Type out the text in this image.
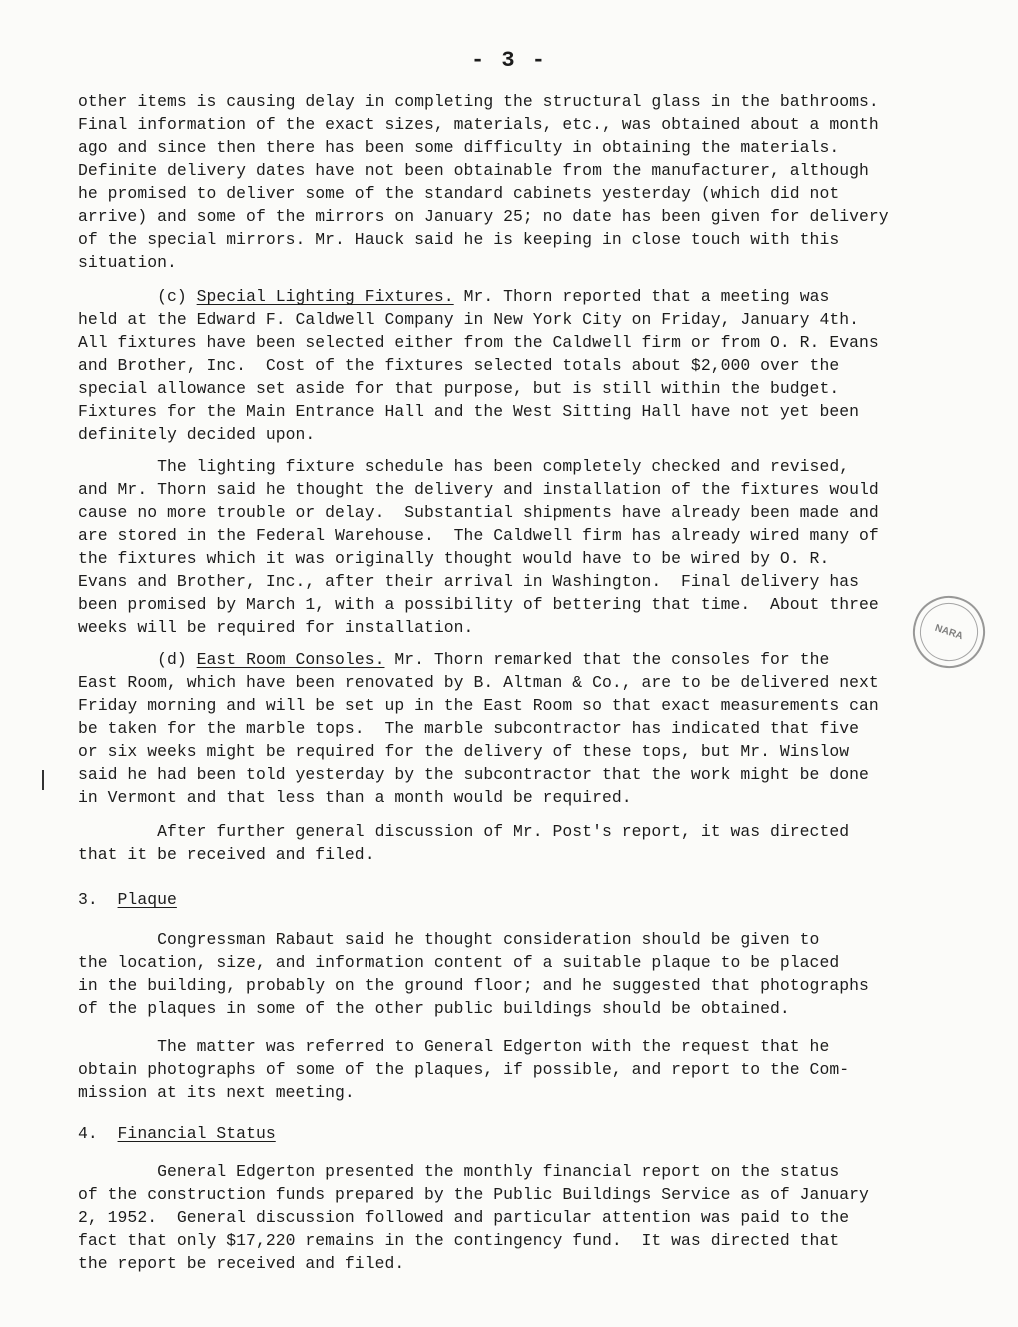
- 3 -
other items is causing delay in completing the structural glass in the bathrooms.
Final information of the exact sizes, materials, etc., was obtained about a month
ago and since then there has been some difficulty in obtaining the materials.
Definite delivery dates have not been obtainable from the manufacturer, although
he promised to deliver some of the standard cabinets yesterday (which did not
arrive) and some of the mirrors on January 25; no date has been given for delivery
of the special mirrors. Mr. Hauck said he is keeping in close touch with this
situation.
(c) Special Lighting Fixtures. Mr. Thorn reported that a meeting was
held at the Edward F. Caldwell Company in New York City on Friday, January 4th.
All fixtures have been selected either from the Caldwell firm or from O. R. Evans
and Brother, Inc.  Cost of the fixtures selected totals about $2,000 over the
special allowance set aside for that purpose, but is still within the budget.
Fixtures for the Main Entrance Hall and the West Sitting Hall have not yet been
definitely decided upon.
The lighting fixture schedule has been completely checked and revised,
and Mr. Thorn said he thought the delivery and installation of the fixtures would
cause no more trouble or delay.  Substantial shipments have already been made and
are stored in the Federal Warehouse.  The Caldwell firm has already wired many of
the fixtures which it was originally thought would have to be wired by O. R.
Evans and Brother, Inc., after their arrival in Washington.  Final delivery has
been promised by March 1, with a possibility of bettering that time.  About three
weeks will be required for installation.
(d) East Room Consoles. Mr. Thorn remarked that the consoles for the
East Room, which have been renovated by B. Altman & Co., are to be delivered next
Friday morning and will be set up in the East Room so that exact measurements can
be taken for the marble tops.  The marble subcontractor has indicated that five
or six weeks might be required for the delivery of these tops, but Mr. Winslow
said he had been told yesterday by the subcontractor that the work might be done
in Vermont and that less than a month would be required.
After further general discussion of Mr. Post's report, it was directed
that it be received and filed.
3.  Plaque
Congressman Rabaut said he thought consideration should be given to
the location, size, and information content of a suitable plaque to be placed
in the building, probably on the ground floor; and he suggested that photographs
of the plaques in some of the other public buildings should be obtained.
The matter was referred to General Edgerton with the request that he
obtain photographs of some of the plaques, if possible, and report to the Com-
mission at its next meeting.
4.  Financial Status
General Edgerton presented the monthly financial report on the status
of the construction funds prepared by the Public Buildings Service as of January
2, 1952.  General discussion followed and particular attention was paid to the
fact that only $17,220 remains in the contingency fund.  It was directed that
the report be received and filed.
NARA
